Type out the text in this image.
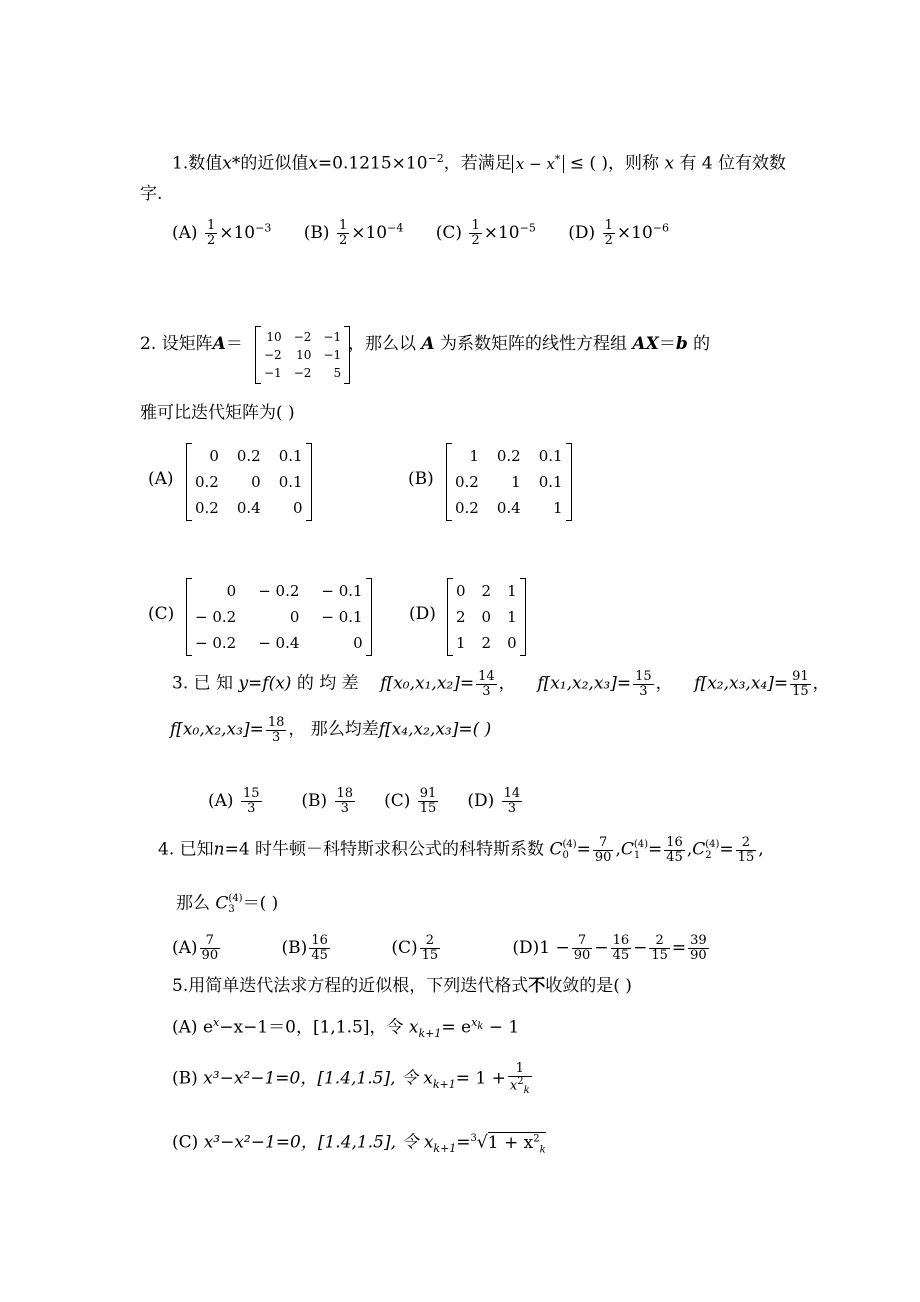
1.数值x*的近似值$x=0.1215\times 10^{-2}$，若满足 x − x* ≤ ( )，则称 x 有 4 位有效数
字.
$(A) \frac{1}{2} \times 10^{-3}$ $(B) \frac{1}{2} \times 10^{-4}$ $(C) \frac{1}{2} \times 10^{-5}$ $(D) \frac{1}{2} \times 10^{-6}$
2. 设矩阵A＝ 10 −2 −1
−2 10 −1
−1 −2	5
，那么以 A 为系数矩阵的线性方程组 AX＝b 的
雅可比迭代矩阵为( )
(A)
0 0.2 0.1
0.2	0 0.1
0.2 0.4	0
(B)
1 0.2 0.1
0.2	1 0.1
0.2 0.4	1
(C)
0 − 0.2 − 0.1
− 0.2	0 − 0.1
− 0.2 − 0.4	0
(D)
0 2 1
2 0 1
1 2 0
3. 已 知 y=f(x) 的 均 差 $f[x_0,x_1,x_2]= \frac{14}{3}$ ，    $f[x_1,x_2,x_3]= \frac{15}{3}$ ，    $f[x_2,x_3,x_4]= \frac{91}{15}$ ，
$f[x_0,x_2,x_3]= \frac{18}{3}$ ， 那么均差f[x₄,x₂,x₃]=( )
$(A) \frac{15}{3} (B) \frac{18}{3} (C) \frac{91}{15} (D) \frac{14}{3}$
4. 已知n=4 时牛顿－科特斯求积公式的科特斯系数 C (4)
$0 = \frac{7}{90} ,C$ (4)
$1 = \frac{16}{45} ,C$ (4)
$2 = \frac{2}{15}$ ,
那么 C (4)
3 ＝( )
$(A) \frac{7}{90}$	$(B) \frac{16}{45}$	$(C) \frac{2}{15}$	$(D)1 - \frac{7}{90} - \frac{16}{45} - \frac{2}{15} = \frac{39}{90}$
5.用简单迭代法求方程的近似根，下列迭代格式不收敛的是( )
(A) $e^x-x-1=0$，[1,1.5]，令 $x_{k+1}= e^{x_k} - 1$
(B) x³−x²−1=0，[1.4,1.5], 令 $x_{k+1}= 1 + \frac{1}{x^2_k}$
(C) x³−x²−1=0，[1.4,1.5], 令 $x_{k+1}=^3√1 + x^2_k$
